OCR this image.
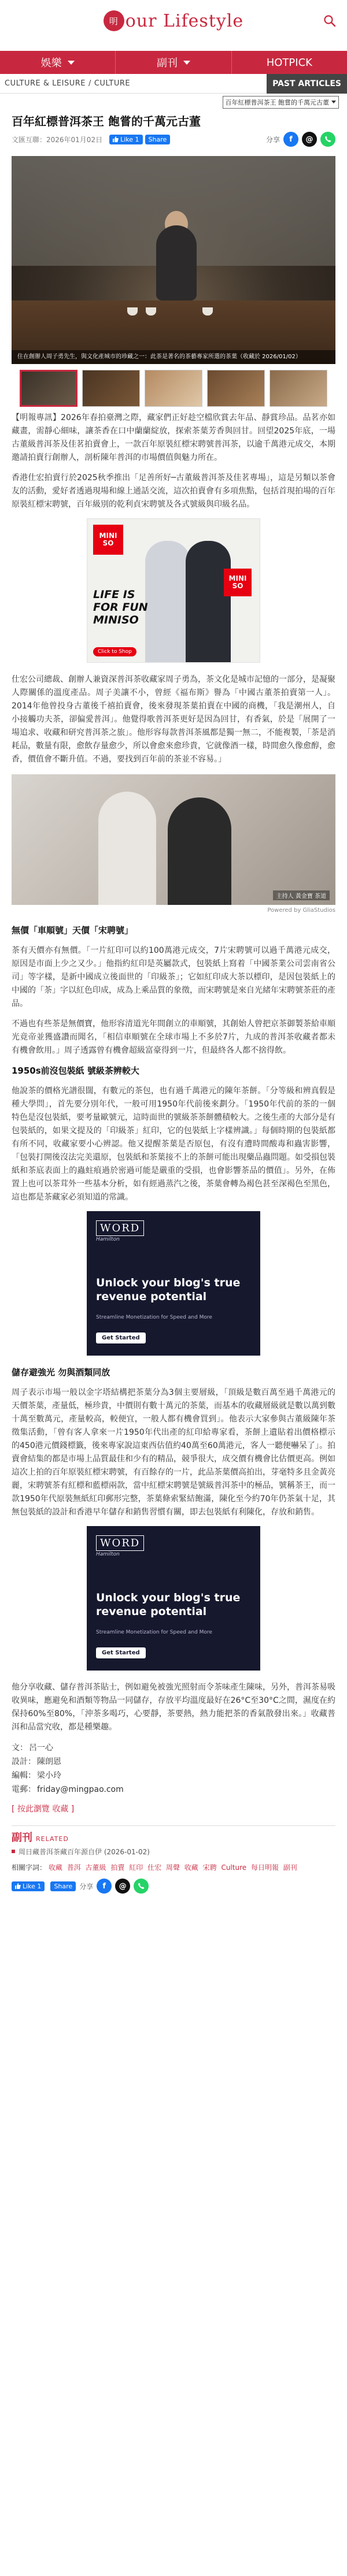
明 our Lifestyle
娛樂	副刊	HOTPICK
CULTURE & LEISURE / CULTURE	PAST ARTICLES
百年紅標普洱茶王 飽嘗的千萬元古董
百年紅標普洱茶王 飽嘗的千萬元古董
文匯互聯：2026年01月02日	Like 1	Share	分享	f	@
住在創辦人周子勇先生，與文化產城市的珍藏之一：此茶是著名的茶藝專家所選的茶葉（收藏於 2026/01/02）

【明報專訊】2026年春拍臺灣之際，藏家們正好趁空檔欣賞去年品、靜賞珍品。品茗亦如藏畫，需靜心細味，讓茶香在口中蘭蘭綻放，探索茶葉芳香與回甘。回望2025年底，一場古董級普洱茶及佳茗拍賣會上，一款百年原裝紅標宋聘號普洱茶，以逾千萬港元成交，本期邀請拍賣行創辦人，剖析陳年普洱的市場價值與魅力所在。

香港仕宏拍賣行於2025秋季推出「足善所好─古董級普洱茶及佳茗專場」，這是另類以茶會友的活動，愛好者透過現場和線上通話交流，這次拍賣會有多項焦點，包括首現拍場的百年原裝紅標宋聘號，百年級別的乾利貞宋聘號及各式號級與印級名品。

MINI
SO
MINI
SO
LIFE IS
FOR FUN
MINISO
Click to Shop

仕宏公司總裁、創辦人兼資深普洱茶收藏家周子勇為，茶文化是城市記憶的一部分，是凝聚人際關係的溫度產品。周子美讓不小，曾經《福布斯》譽為「中國古董茶拍賣第一人」。2014年他曾投身古董後千禧拍賣會，後來發現茶葉拍賣在中國的商機，「我是潮州人，自小接觸功夫茶，卻偏愛普洱」。他覺得歌普洱茶更好是因為回甘，有香氣，於是「展開了一場追求、收藏和研究普洱茶之旅」。他形容每款普洱茶風都是獨一無二，不能複製，「茶是消耗品，數量有限，愈飲存量愈少，所以會愈來愈珍貴，它就像酒一樣，時間愈久像愈醇，愈香，價值會不斷升值。不過，要找到百年前的茶並不容易。」

主持人 黃金寶 茶道
Powered by GliaStudios

無價「車順號」天價「宋聘號」

茶有天價亦有無價。「一片紅印可以約100萬港元成交，7片宋聘號可以過千萬港元成交，原因是市面上少之又少。」他指約紅印是英屬款式，包裝紙上寫着「中國茶業公司雲南省公司」等字樣，是新中國成立後面世的「印級茶」；它如紅印成大茶以標印，是因包裝紙上的中國的「茶」字以紅色印成，成為上乘品質的象徵，而宋聘號是來自光緒年宋聘號茶莊的產品。

不過也有些茶是無價寶，他形容清道光年間創立的車順號，其創始人曾把京茶御製茶給車順光竟帝並獲盛讚而聞名，「相信車順號在全球市場上不多於7片，九成的普洱茶收藏者都未有機會飲用。」周子透露曾有機會超級富豪得到一片，但最終各人都不捨得飲。

1950s前沒包裝紙 號級茶辨較大

他說茶的價格光譜很闊，有數元的茶包，也有過千萬港元的陳年茶餅。「分等級和辨真假是種大學問」，首先要分別年代，一般可用1950年代前後來劃分。「1950年代前的茶的一個特色是沒包裝紙，要考量歐號元，這時面世的號級茶茶餅體積較大。之後生產的大部分是有包裝紙的，如果文提及的「印級茶」紅印，它的包裝紙上字樣辨識。」每個時期的包裝紙都有所不同，收藏家要小心辨認。他又提醒茶葉是否原包，有沒有遭時間酸毒和蟲害影響，「包裝打開後沒法完美還原，包裝紙和茶葉接不上的茶餅可能出現藥品蟲問題。如受損包裝紙和茶底表面上的蟲蛀痕過於密過可能是嚴重的受損，也會影響茶品的價值」。另外，在佈置上也可以茶茸外一些基本分析，如有經過蒸汽之後，茶葉會轉為褐色甚至深褐色至黑色，這也都是茶藏家必須知道的常識。

WORD
Hamilton
Unlock your blog's true revenue potential
Streamline Monetization for Speed and More
Get Started

儲存避強光 勿與酒類同放

周子表示市場一般以金字塔結構把茶葉分為3個主要層級，「頂級是數百萬至過千萬港元的天價茶葉，產量低，極珍貴，中價則有數十萬元的茶葉，而基本的收藏層級就是數以萬到數十萬至數萬元，產量較高，較便宜，一般人都有機會買到」。他表示大家參與古董級陳年茶徵集活動，「曾有客人拿來一片1950年代出產的紅印給專家看，茶餅上遺貼着出價格標示的450港元價錢標籤，後來專家說這東西估值約40萬至60萬港元，客人一聽便嚇呆了」。拍賣會結集的都是市場上品質最佳和少有的精品，競爭很大，成交價有機會比估價更高。例如這次上拍的百年原裝紅標宋聘號，有百餘存的一片，此品茶葉價高拍出，芽毫特多且金黃亮麗，宋聘號茶有紅標和藍標兩款，當中紅標宋聘號是號級普洱茶中的極品，號稱茶王，而一款1950年代原裝無紙紅印郵形完整，茶葉條索緊結飽滿，陳化至今約70年仍茶氣十足，其無包裝紙的設計和香港早年儲存和銷售習慣有關，即去包裝紙有利陳化，存放和銷售。

WORD
Hamilton
Unlock your blog's true revenue potential
Streamline Monetization for Speed and More
Get Started

他分享收藏、儲存普洱茶貼士，例如避免被強光照射而令茶味產生陳味，另外，普洱茶易吸收異味，應避免和酒類等物品一同儲存，存放平均溫度最好在26°C至30°C之間，濕度在約保持60%至80%，「沖茶多喝巧，心要靜，茶要熱，熱力能把茶的香氣散發出來。」收藏普洱和品當究收，都是種樂趣。

文： 呂一心
設計： 陳朗恩
編輯： 梁小玲
電郵： friday@mingpao.com
[ 按此瀏覽 收藏 ]
副刊 RELATED
周日藏普洱茶藏百年源自伊 (2026-01-02)
相關字詞： 收藏 普洱 古董級 拍賣 紅印 仕宏 周聲 收藏 宋聘 Culture 每日明報 副刊
Like 1	Share	分享	f	@
